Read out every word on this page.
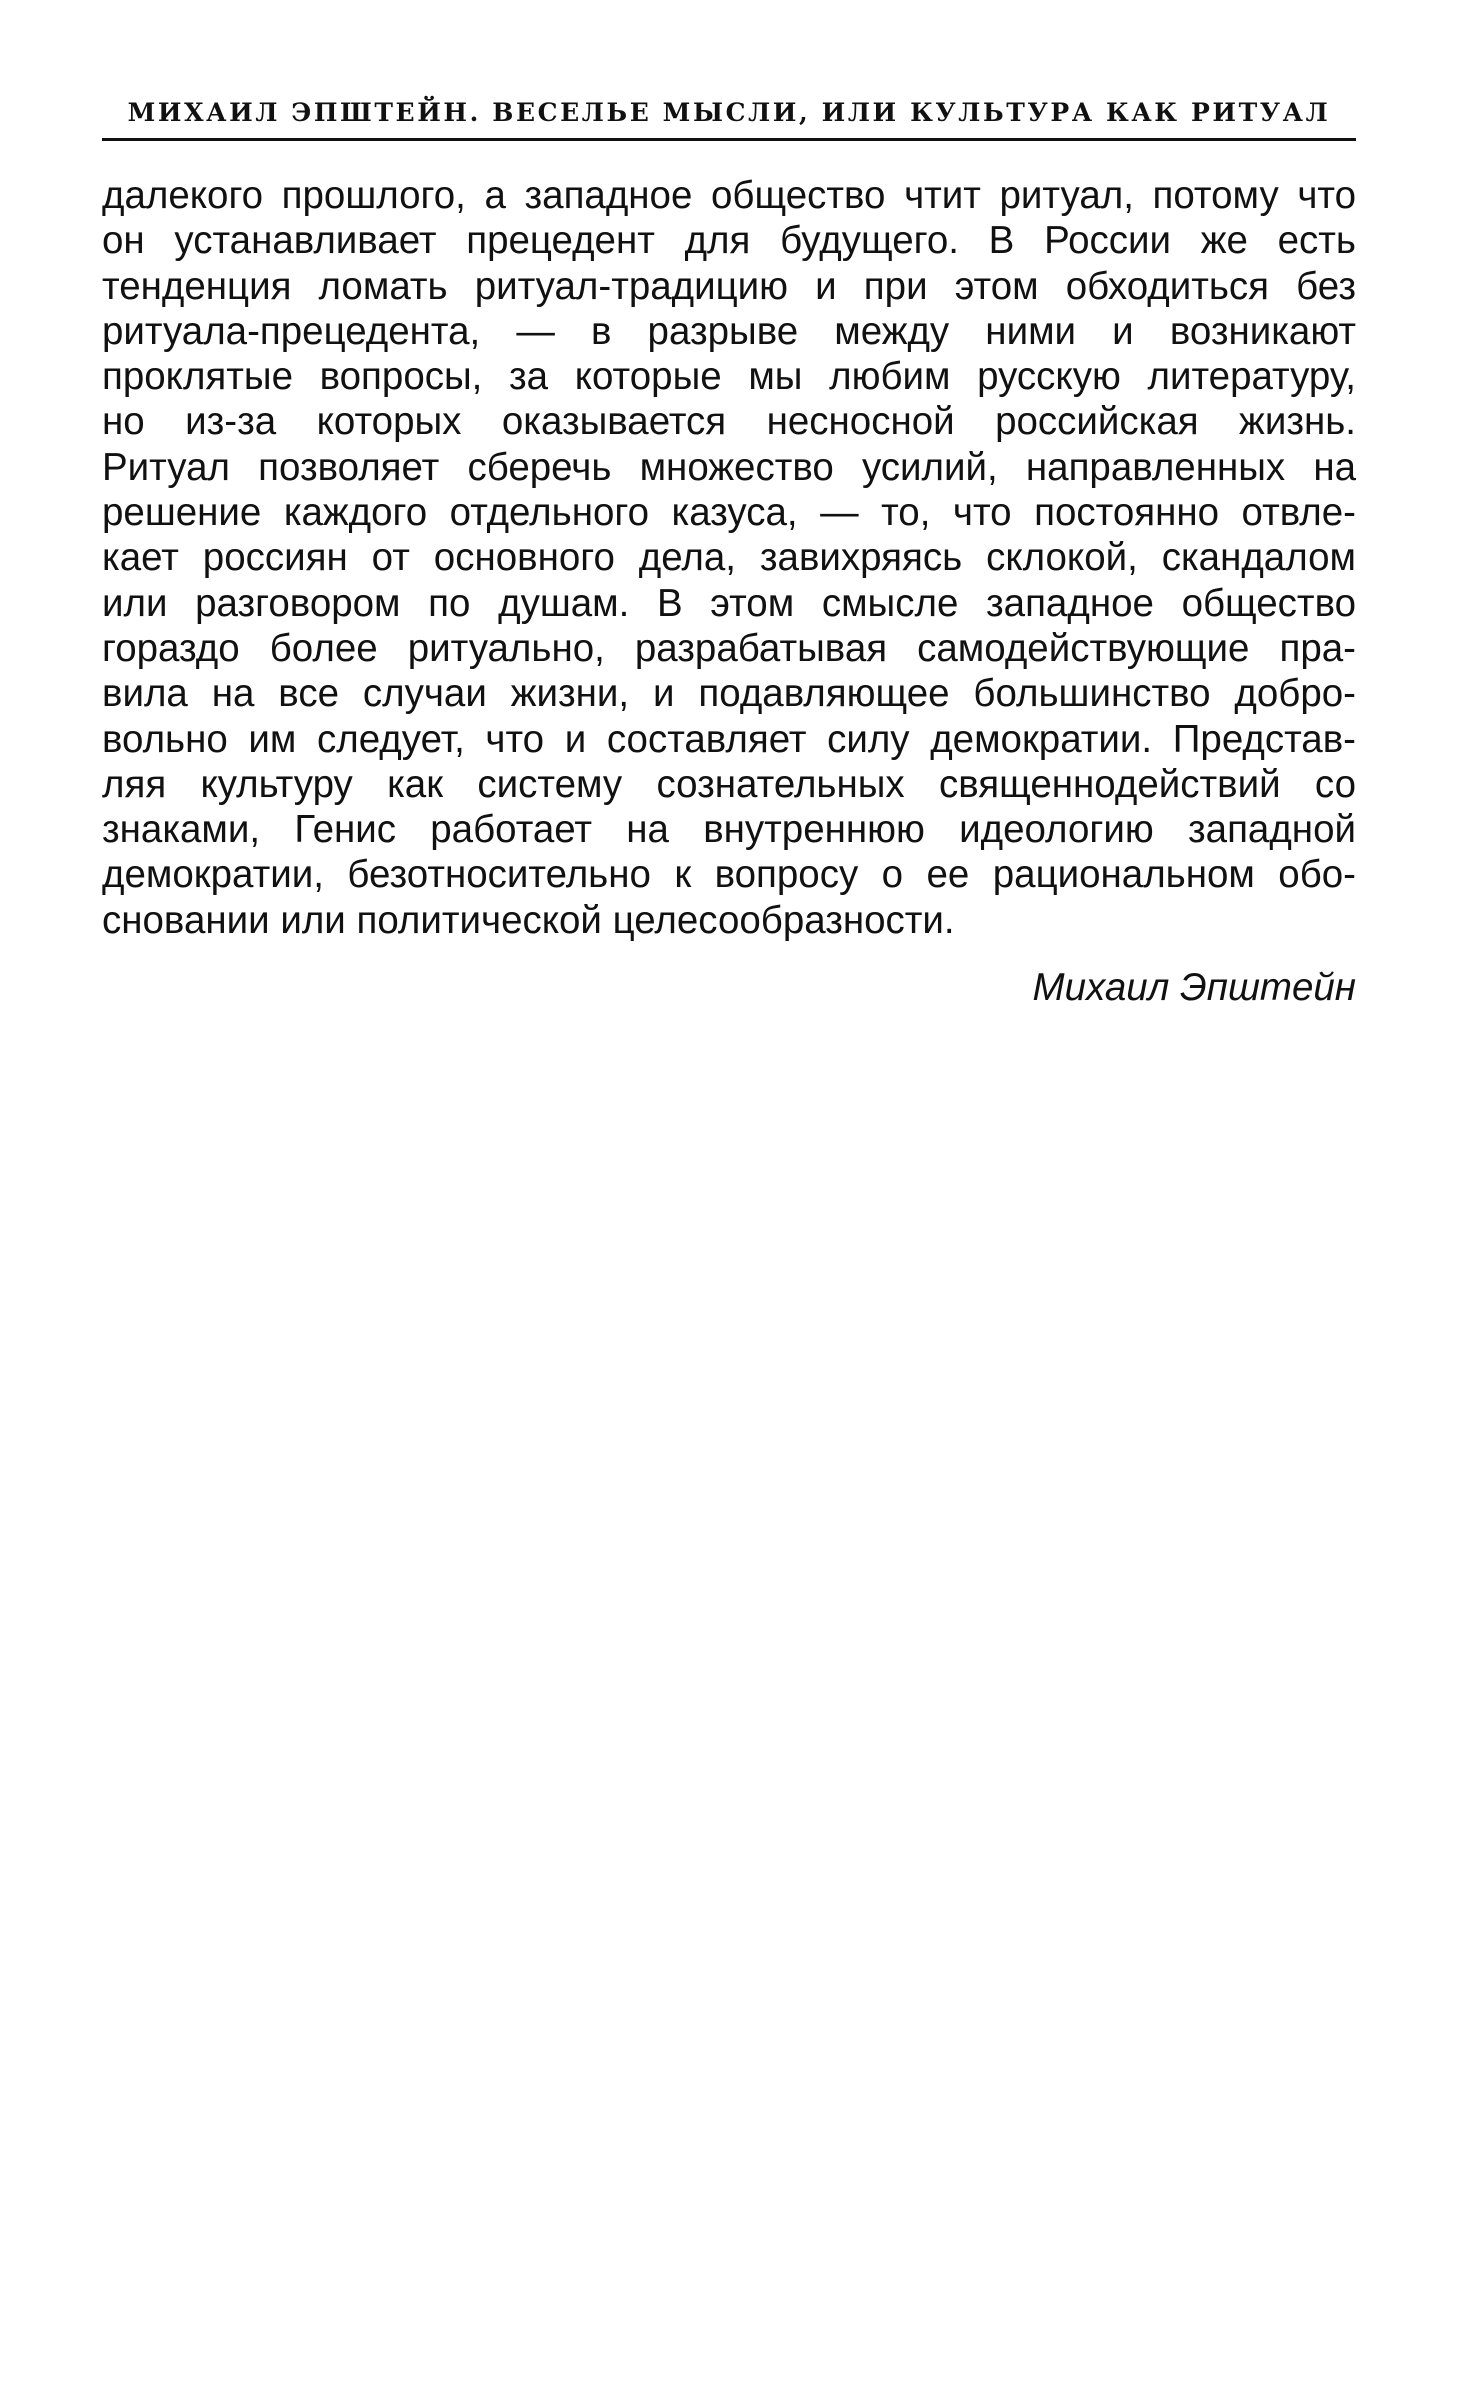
МИХАИЛ ЭПШТЕЙН. ВЕСЕЛЬЕ МЫСЛИ, ИЛИ КУЛЬТУРА КАК РИТУАЛ
далекого прошлого, а западное общество чтит ритуал, потому что
он устанавливает прецедент для будущего. В России же есть
тенденция ломать ритуал-традицию и при этом обходиться без
ритуала-прецедента, — в разрыве между ними и возникают
проклятые вопросы, за которые мы любим русскую литературу,
но из-за которых оказывается несносной российская жизнь.
Ритуал позволяет сберечь множество усилий, направленных на
решение каждого отдельного казуса, — то, что постоянно отвле-
кает россиян от основного дела, завихряясь склокой, скандалом
или разговором по душам. В этом смысле западное общество
гораздо более ритуально, разрабатывая самодействующие пра-
вила на все случаи жизни, и подавляющее большинство добро-
вольно им следует, что и составляет силу демократии. Представ-
ляя культуру как систему сознательных священнодействий со
знаками, Генис работает на внутреннюю идеологию западной
демократии, безотносительно к вопросу о ее рациональном обо-
сновании или политической целесообразности.
Михаил Эпштейн
